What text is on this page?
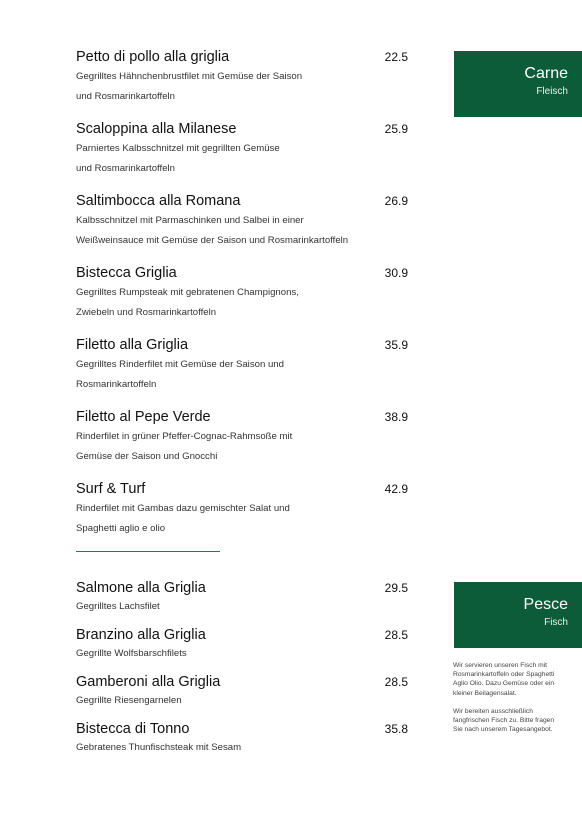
Petto di pollo alla griglia	22.5
Gegrilltes Hähnchenbrustfilet mit Gemüse der Saison
und Rosmarinkartoffeln
Scaloppina alla Milanese	25.9
Parniertes Kalbsschnitzel mit gegrillten Gemüse
und Rosmarinkartoffeln
Saltimbocca alla Romana	26.9
Kalbsschnitzel mit Parmaschinken und Salbei in einer
Weißweinsauce mit Gemüse der Saison und Rosmarinkartoffeln
Bistecca Griglia	30.9
Gegrilltes Rumpsteak mit gebratenen Champignons,
Zwiebeln und Rosmarinkartoffeln
Filetto alla Griglia	35.9
Gegrilltes Rinderfilet mit Gemüse der Saison und
Rosmarinkartoffeln
Filetto al Pepe Verde	38.9
Rinderfilet in grüner Pfeffer-Cognac-Rahmsoße mit
Gemüse der Saison und Gnocchi
Surf & Turf	42.9
Rinderfilet mit Gambas dazu gemischter Salat und
Spaghetti aglio e olio
Carne
Fleisch
Salmone alla Griglia	29.5
Gegrilltes Lachsfilet
Branzino alla Griglia	28.5
Gegrillte Wolfsbarschfilets
Gamberoni alla Griglia	28.5
Gegrillte Riesengarnelen
Bistecca di Tonno	35.8
Gebratenes Thunfischsteak mit Sesam
Pesce
Fisch

Wir servieren unseren Fisch mit Rosmarinkartoffeln oder Spaghetti Aglio Olio. Dazu Gemüse oder ein kleiner Beilagensalat.

Wir bereiten ausschließlich fangfrischen Fisch zu. Bitte fragen Sie nach unserem Tagesangebot.
